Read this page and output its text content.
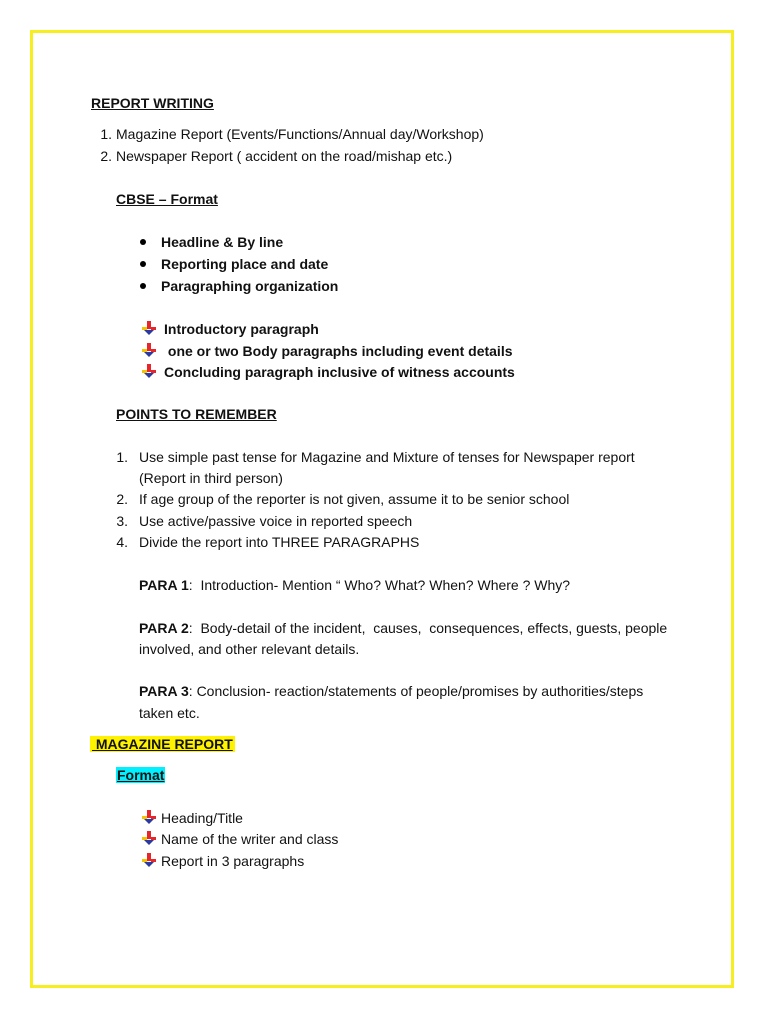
REPORT WRITING
1. Magazine Report (Events/Functions/Annual day/Workshop)
2. Newspaper Report ( accident on the road/mishap etc.)
CBSE – Format
Headline & By line
Reporting place and date
Paragraphing organization
Introductory paragraph
one or two Body paragraphs including event details
Concluding paragraph inclusive of witness accounts
POINTS TO REMEMBER
1. Use simple past tense for Magazine and Mixture of tenses for Newspaper report
(Report in third person)
2. If age group of the reporter is not given, assume it to be senior school
3. Use active/passive voice in reported speech
4. Divide the report into THREE PARAGRAPHS
PARA 1:  Introduction- Mention “ Who? What? When? Where ? Why?
PARA 2:  Body-detail of the incident,  causes,  consequences, effects, guests, people
involved, and other relevant details.
PARA 3: Conclusion- reaction/statements of people/promises by authorities/steps
taken etc.
MAGAZINE REPORT
Format
Heading/Title
Name of the writer and class
Report in 3 paragraphs
